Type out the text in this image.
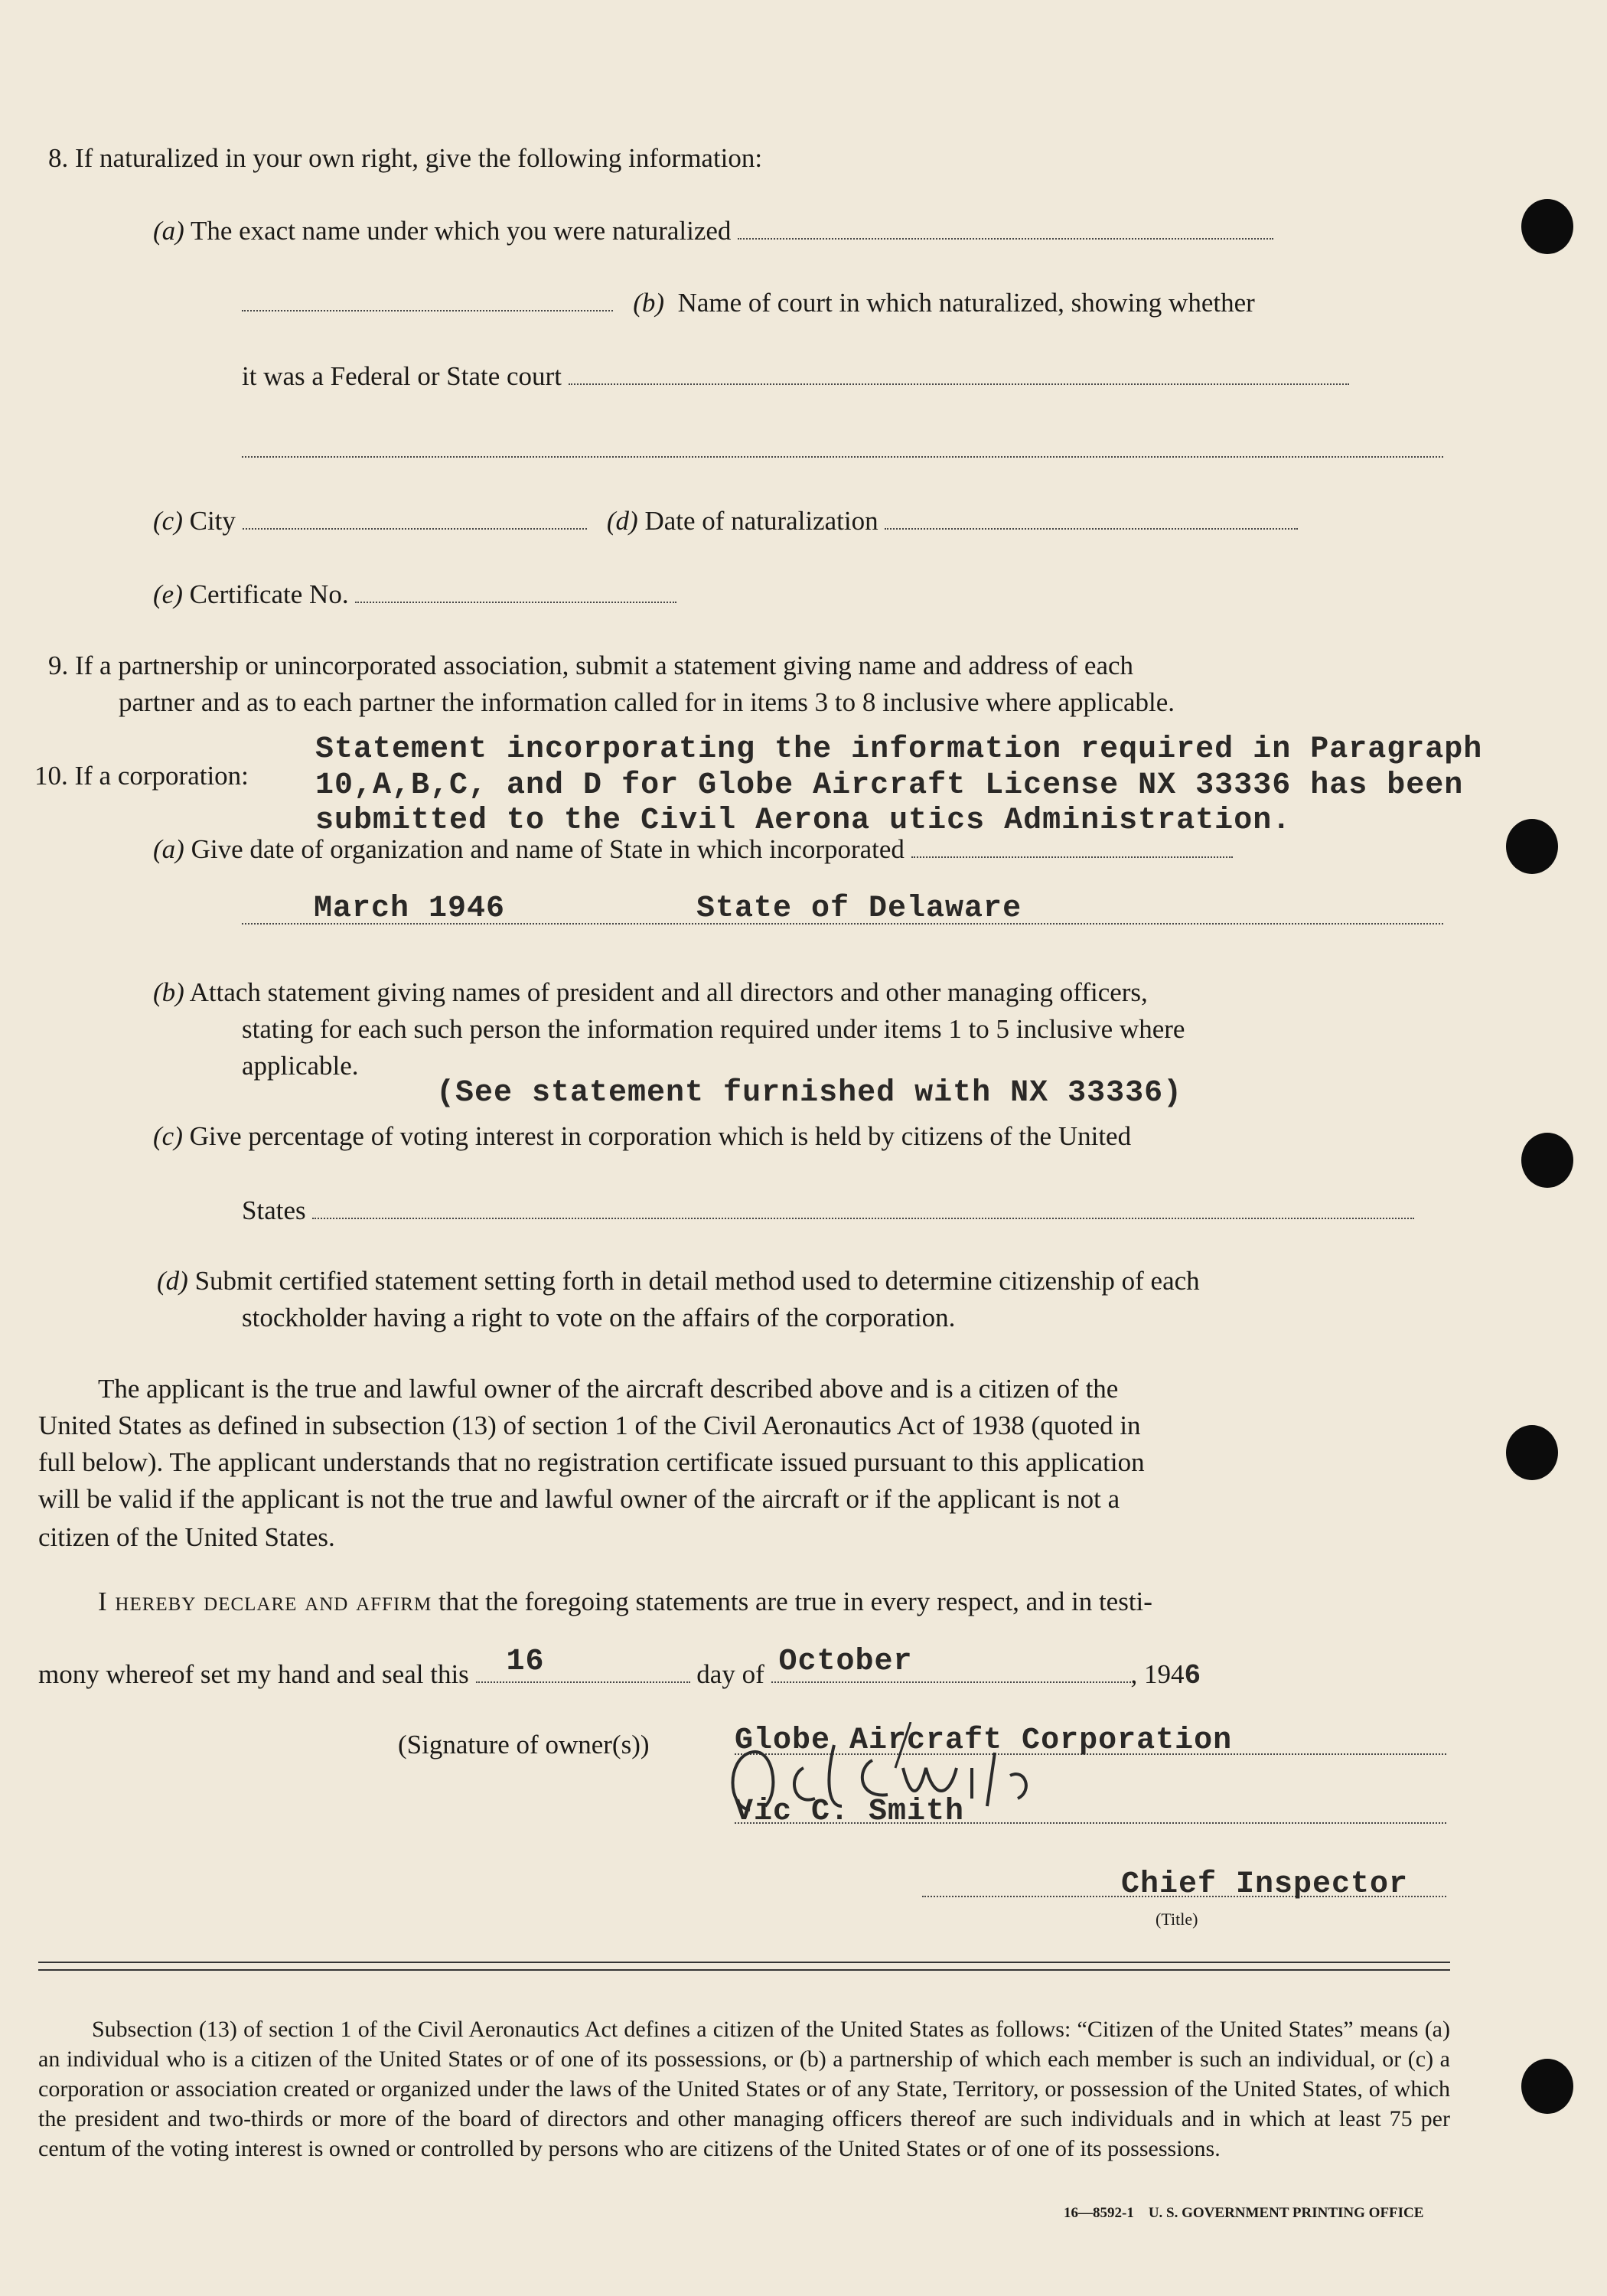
8. If naturalized in your own right, give the following information:
(a) The exact name under which you were naturalized
(b) Name of court in which naturalized, showing whether
it was a Federal or State court
(c) City	(d) Date of naturalization
(e) Certificate No.
9. If a partnership or unincorporated association, submit a statement giving name and address of each
partner and as to each partner the information called for in items 3 to 8 inclusive where applicable.
10. If a corporation:
Statement incorporating the information required in Paragraph
10,A,B,C, and D for Globe Aircraft License NX 33336 has been
submitted to the Civil Aerona utics Administration.
(a) Give date of organization and name of State in which incorporated
March 1946	State of Delaware
(b) Attach statement giving names of president and all directors and other managing officers,
stating for each such person the information required under items 1 to 5 inclusive where
applicable.
(See statement furnished with NX 33336)
(c) Give percentage of voting interest in corporation which is held by citizens of the United
States
(d) Submit certified statement setting forth in detail method used to determine citizenship of each
stockholder having a right to vote on the affairs of the corporation.
The applicant is the true and lawful owner of the aircraft described above and is a citizen of the
United States as defined in subsection (13) of section 1 of the Civil Aeronautics Act of 1938 (quoted in
full below). The applicant understands that no registration certificate issued pursuant to this application
will be valid if the applicant is not the true and lawful owner of the aircraft or if the applicant is not a
citizen of the United States.
I hereby declare and affirm that the foregoing statements are true in every respect, and in testi-
mony whereof set my hand and seal this 16	day of October	, 1946
(Signature of owner(s))	Globe Aircraft Corporation
Vic C. Smith
Chief Inspector
(Title)
Subsection (13) of section 1 of the Civil Aeronautics Act defines a citizen of the United States as follows: “Citizen of the United States” means (a) an individual who is a citizen of the United States or of one of its possessions, or (b) a partnership of which each member is such an individual, or (c) a corporation or association created or organized under the laws of the United States or of any State, Territory, or possession of the United States, of which the president and two-thirds or more of the board of directors and other managing officers thereof are such individuals and in which at least 75 per centum of the voting interest is owned or controlled by persons who are citizens of the United States or of one of its possessions.
16—8592-1 U. S. GOVERNMENT PRINTING OFFICE
